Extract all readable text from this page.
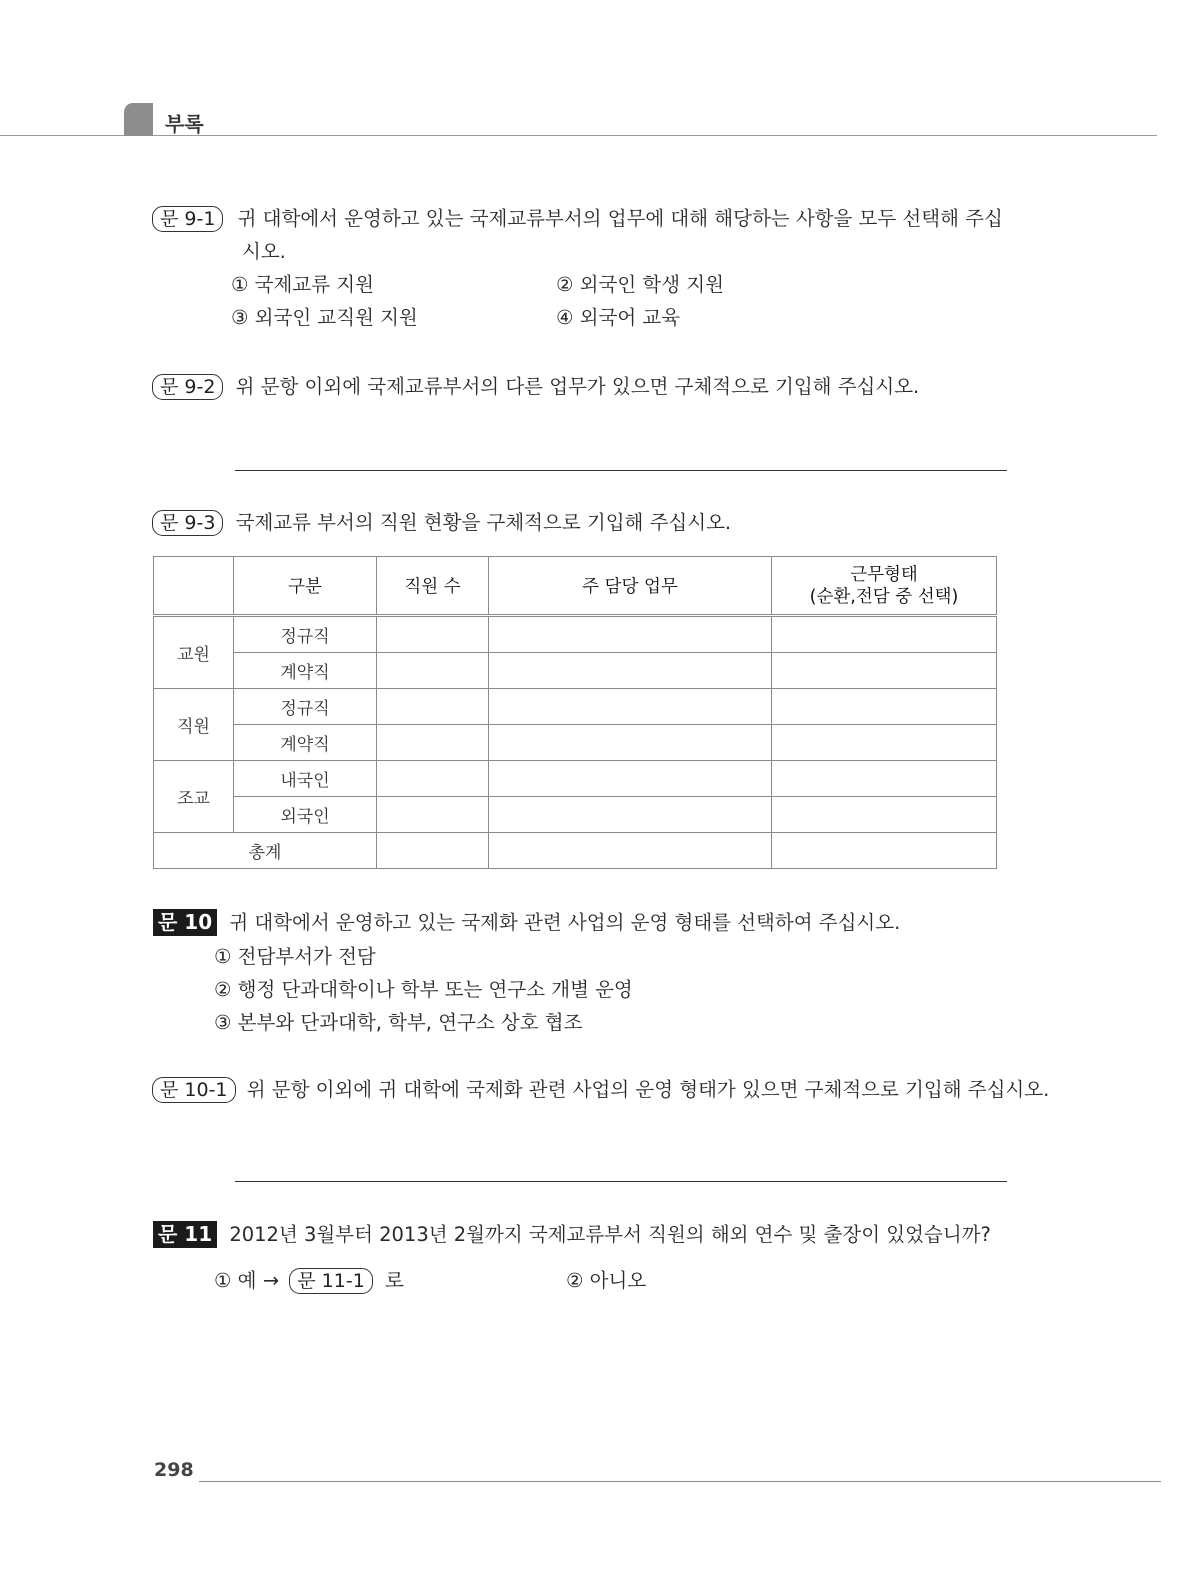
부록
문 9-1 귀 대학에서 운영하고 있는 국제교류부서의 업무에 대해 해당하는 사항을 모두 선택해 주십
시오.
① 국제교류 지원	② 외국인 학생 지원
③ 외국인 교직원 지원	④ 외국어 교육
문 9-2 위 문항 이외에 국제교류부서의 다른 업무가 있으면 구체적으로 기입해 주십시오.
문 9-3 국제교류 부서의 직원 현황을 구체적으로 기입해 주십시오.
	구분	직원 수	주 담당 업무	근무형태
(순환,전담 중 선택)

교원	정규직			
	계약직			
직원	정규직			
	계약직			
조교	내국인			
	외국인			
총계				
문 10 귀 대학에서 운영하고 있는 국제화 관련 사업의 운영 형태를 선택하여 주십시오.
① 전담부서가 전담
② 행정 단과대학이나 학부 또는 연구소 개별 운영
③ 본부와 단과대학, 학부, 연구소 상호 협조
문 10-1 위 문항 이외에 귀 대학에 국제화 관련 사업의 운영 형태가 있으면 구체적으로 기입해 주십시오.
문 11 2012년 3월부터 2013년 2월까지 국제교류부서 직원의 해외 연수 및 출장이 있었습니까?
① 예 → 문 11-1 로	② 아니오
298
